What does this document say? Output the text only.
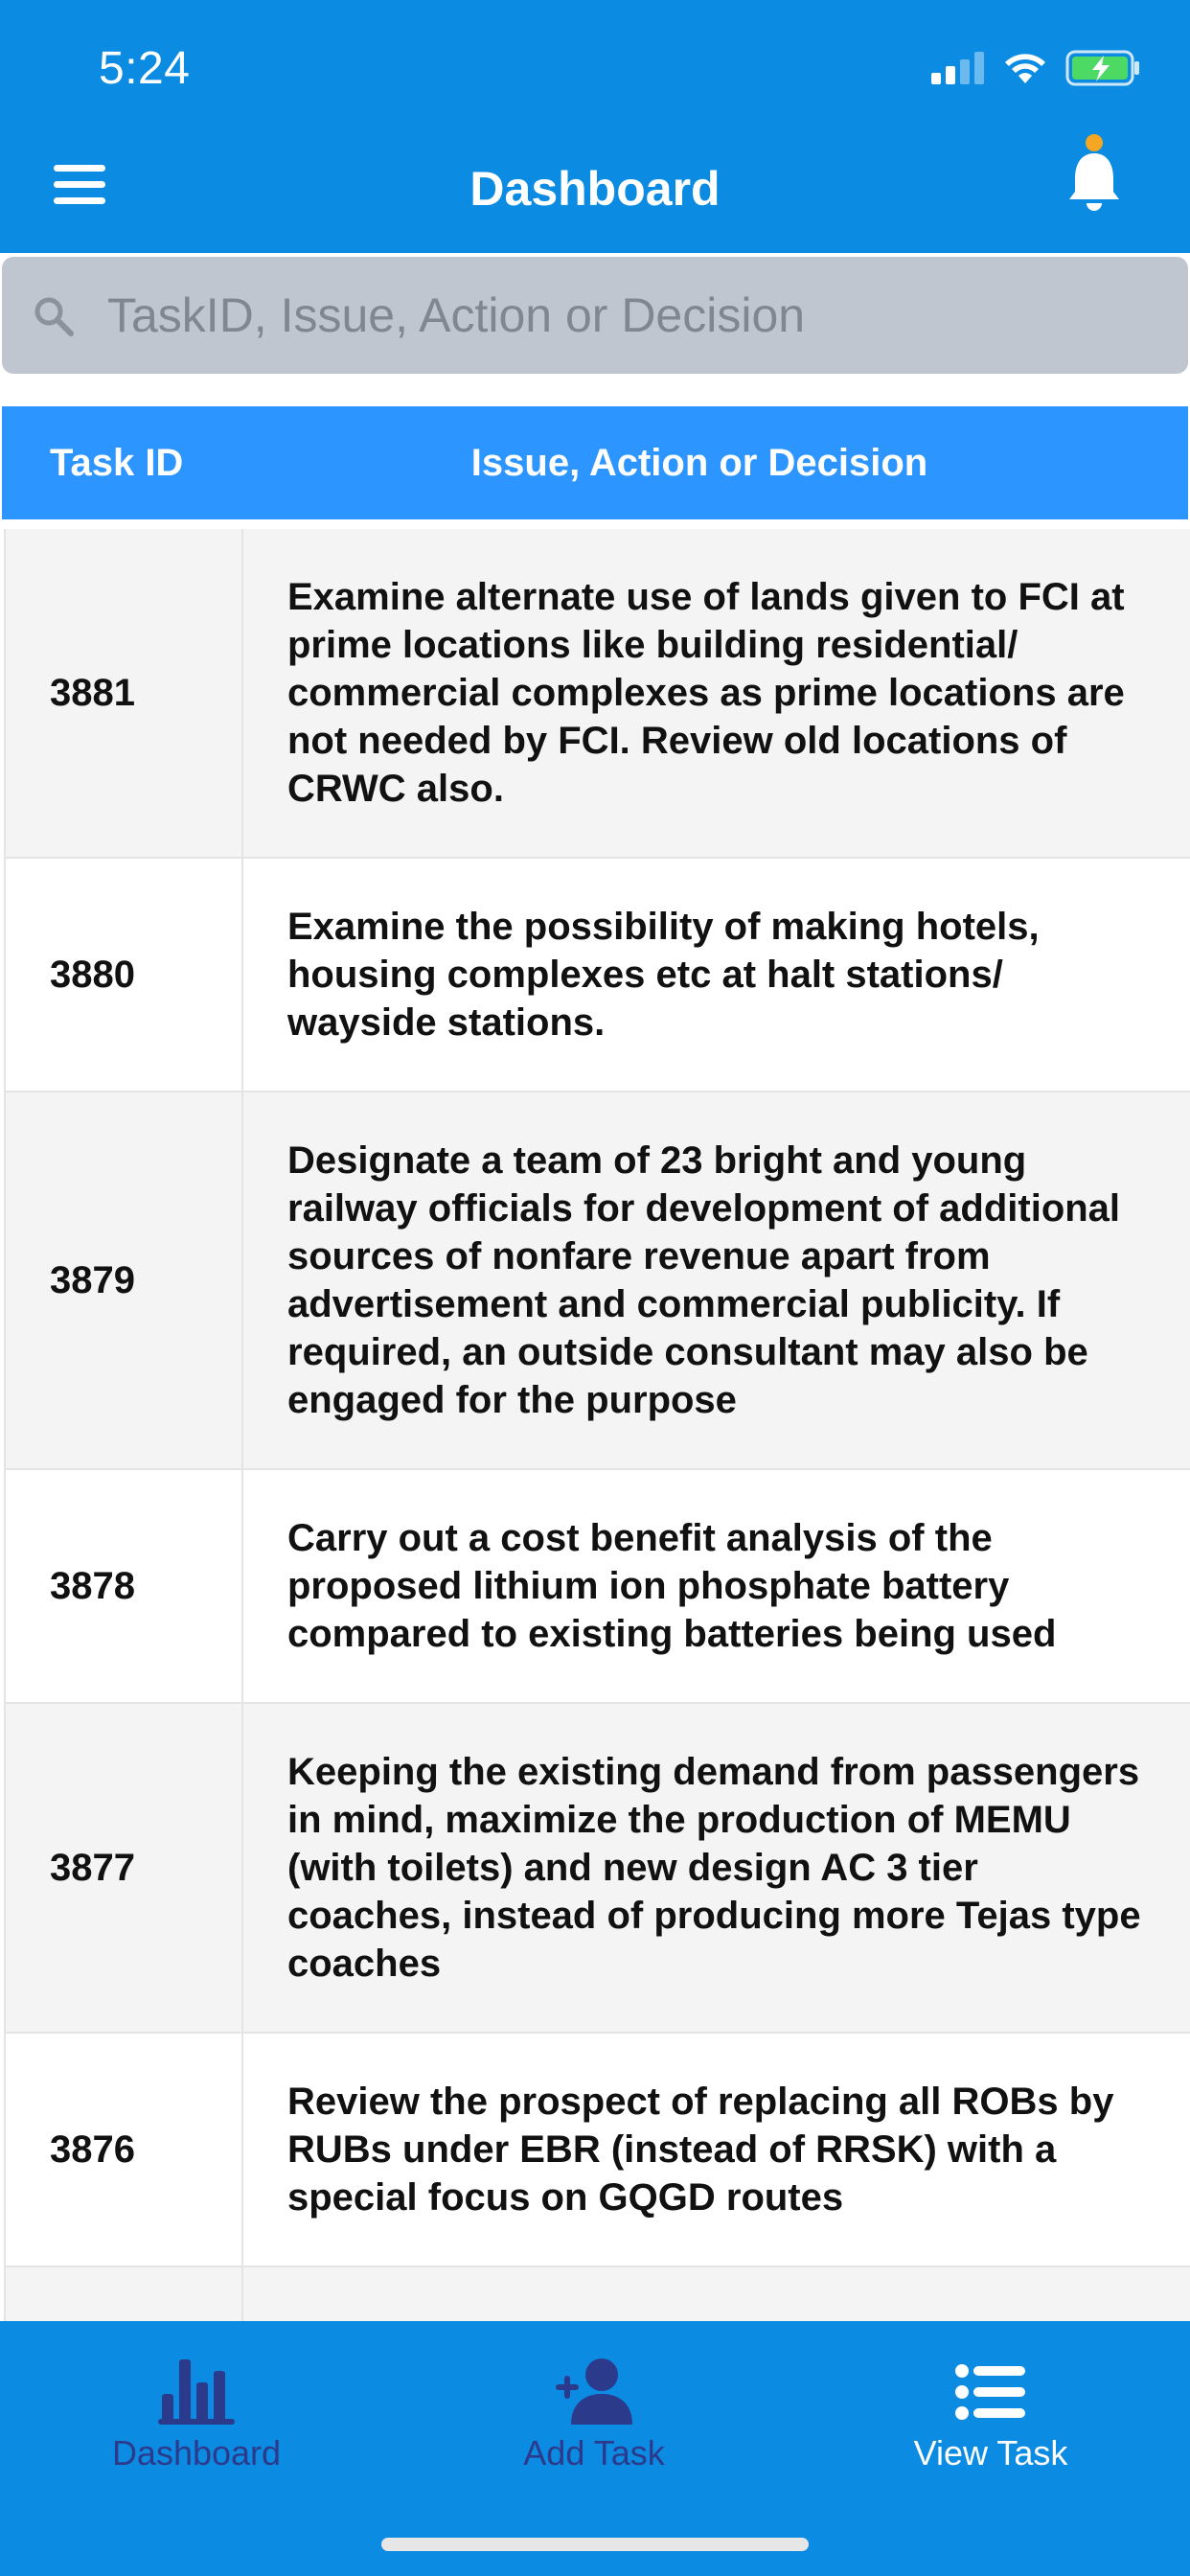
5:24
Dashboard
TaskID, Issue, Action or Decision
Task ID	Issue, Action or Decision
3881
Examine alternate use of lands given to FCI at prime locations like building residential/ commercial complexes as prime locations are not needed by FCI. Review old locations of CRWC also.
3880
Examine the possibility of making hotels, housing complexes etc at halt stations/ wayside stations.
3879
Designate a team of 23 bright and young railway officials for development of additional sources of nonfare revenue apart from advertisement and commercial publicity. If required, an outside consultant may also be engaged for the purpose
3878
Carry out a cost benefit analysis of the proposed lithium ion phosphate battery compared to existing batteries being used
3877
Keeping the existing demand from passengers in mind, maximize the production of MEMU (with toilets) and new design AC 3 tier coaches, instead of producing more Tejas type coaches
3876
Review the prospect of replacing all ROBs by RUBs under EBR (instead of RRSK) with a special focus on GQGD routes
Dashboard	Add Task	View Task
